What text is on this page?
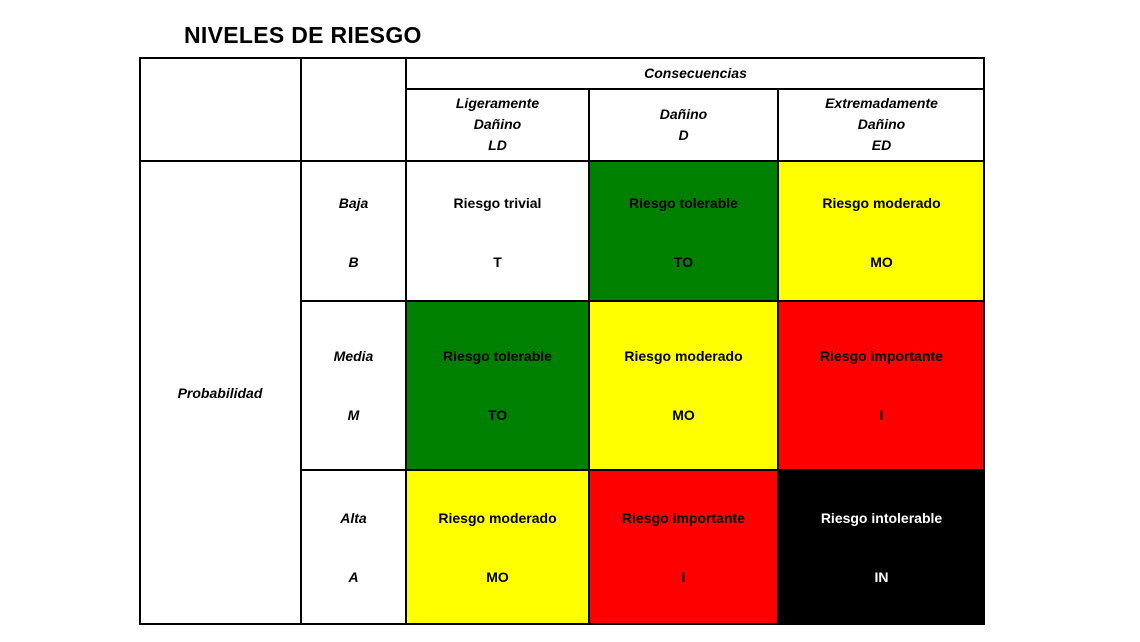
NIVELES DE RIESGO
Consecuencias
Ligeramente
Dañino
LD
Dañino
D
Extremadamente
Dañino
ED
Probabilidad
Baja
B
Media
M
Alta
A
Riesgo trivial
T
Riesgo tolerable
TO
Riesgo moderado
MO
Riesgo tolerable
TO
Riesgo moderado
MO
Riesgo importante
I
Riesgo moderado
MO
Riesgo importante
I
Riesgo intolerable
IN
